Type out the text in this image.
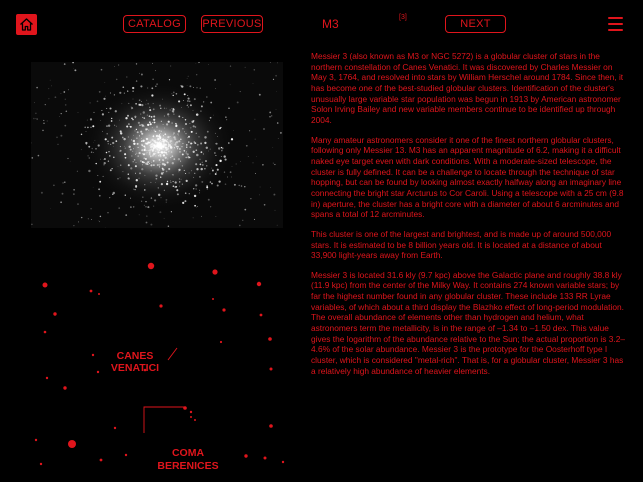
CATALOG	PREVIOUS	M3	[3]
NEXT
CANES
VENATICI
COMA
BERENICES

Messier 3 (also known as M3 or NGC 5272) is a globular cluster of stars in the northern constellation of Canes Venatici. It was discovered by Charles Messier on May 3, 1764, and resolved into stars by William Herschel around 1784. Since then, it has become one of the best-studied globular clusters. Identification of the cluster's unusually large variable star population was begun in 1913 by American astronomer Solon Irving Bailey and new variable members continue to be identified up through 2004.

Many amateur astronomers consider it one of the finest northern globular clusters, following only Messier 13. M3 has an apparent magnitude of 6.2, making it a difficult naked eye target even with dark conditions. With a moderate-sized telescope, the cluster is fully defined. It can be a challenge to locate through the technique of star hopping, but can be found by looking almost exactly halfway along an imaginary line connecting the bright star Arcturus to Cor Caroli. Using a telescope with a 25 cm (9.8 in) aperture, the cluster has a bright core with a diameter of about 6 arcminutes and spans a total of 12 arcminutes.

This cluster is one of the largest and brightest, and is made up of around 500,000 stars. It is estimated to be 8 billion years old. It is located at a distance of about 33,900 light-years away from Earth.

Messier 3 is located 31.6 kly (9.7 kpc) above the Galactic plane and roughly 38.8 kly (11.9 kpc) from the center of the Milky Way. It contains 274 known variable stars; by far the highest number found in any globular cluster. These include 133 RR Lyrae variables, of which about a third display the Blazhko effect of long-period modulation. The overall abundance of elements other than hydrogen and helium, what astronomers term the metallicity, is in the range of –1.34 to –1.50 dex. This value gives the logarithm of the abundance relative to the Sun; the actual proportion is 3.2–4.6% of the solar abundance. Messier 3 is the prototype for the Oosterhoff type I cluster, which is considered "metal-rich". That is, for a globular cluster, Messier 3 has a relatively high abundance of heavier elements.
